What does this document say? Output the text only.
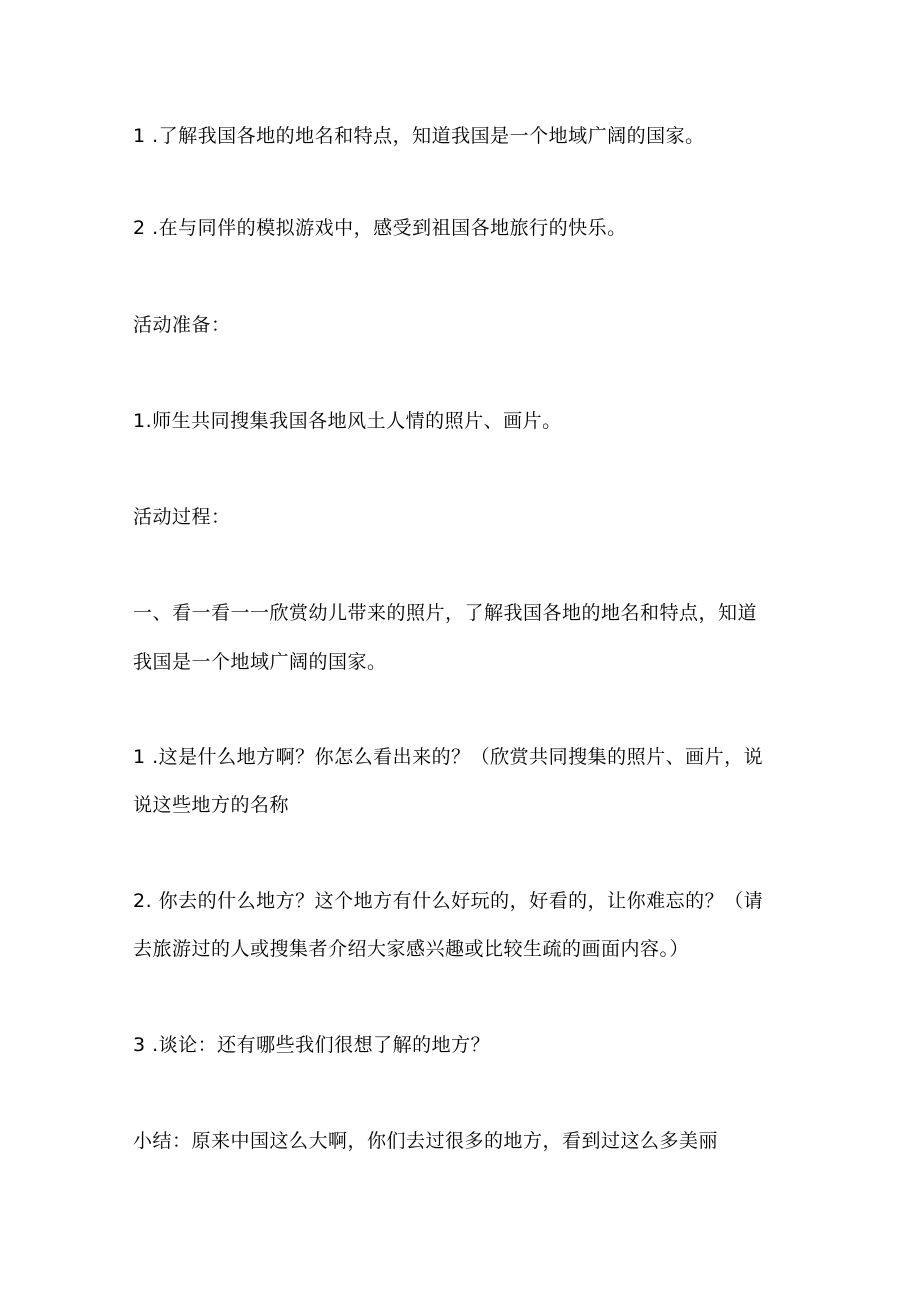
1 .了解我国各地的地名和特点，知道我国是一个地域广阔的国家。
2 .在与同伴的模拟游戏中，感受到祖国各地旅行的快乐。
活动准备：
1.师生共同搜集我国各地风土人情的照片、画片。
活动过程：
一、看一看一一欣赏幼儿带来的照片，了解我国各地的地名和特点，知道
我国是一个地域广阔的国家。
1 .这是什么地方啊？你怎么看出来的？（欣赏共同搜集的照片、画片，说
说这些地方的名称
2. 你去的什么地方？这个地方有什么好玩的，好看的，让你难忘的？（请
去旅游过的人或搜集者介绍大家感兴趣或比较生疏的画面内容。）
3 .谈论：还有哪些我们很想了解的地方？
小结：原来中国这么大啊，你们去过很多的地方，看到过这么多美丽
